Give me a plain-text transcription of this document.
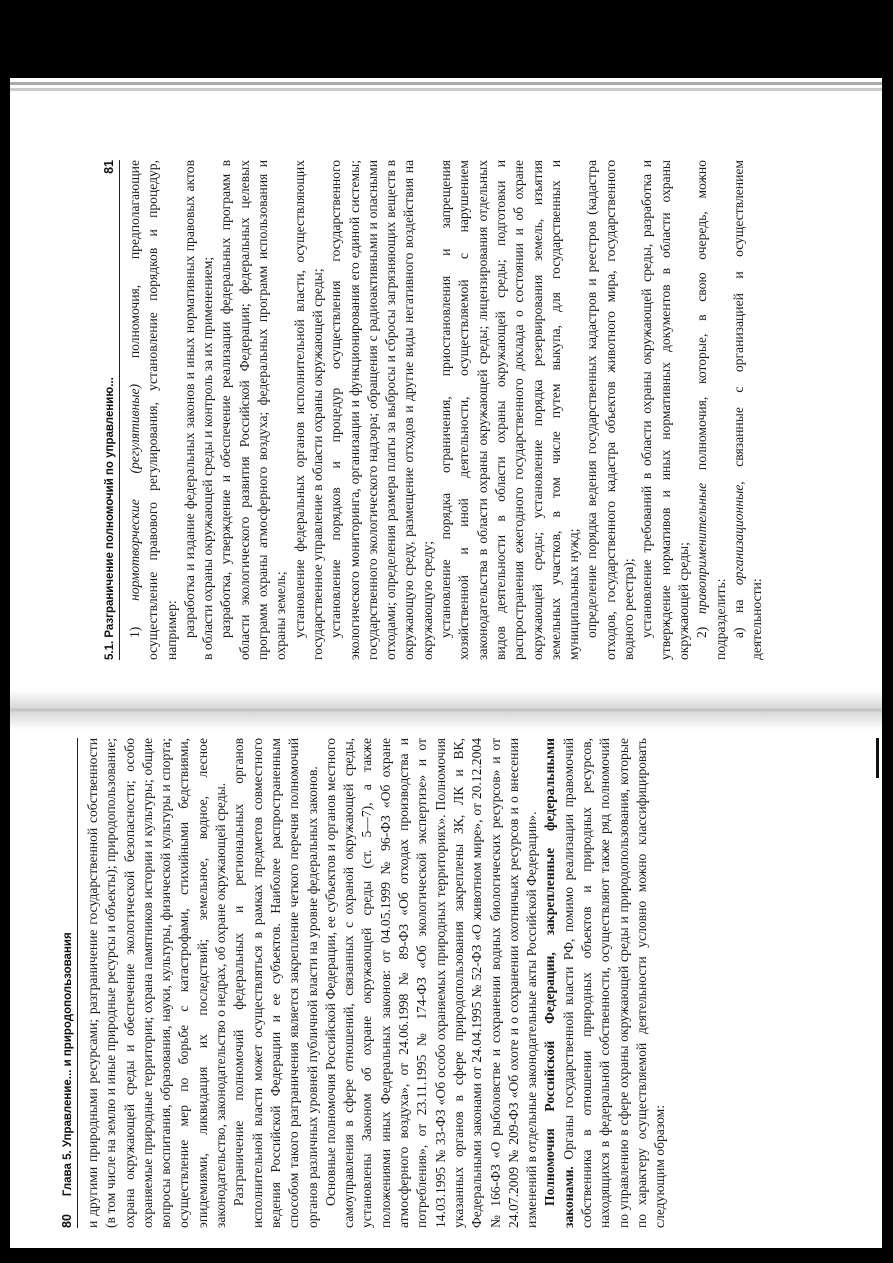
5.1. Разграничение полномочий по управлению...
81

1) нормотворческие (регулятивные) полномочия, предполагающие осуществление правового регулирования, установление порядков и процедур, например: разработка и издание федеральных законов и иных нормативных правовых актов в области охраны окружающей среды и контроль за их применением; разработка, утверждение и обеспечение реализации федеральных программ в области экологического развития Российской Федерации; федеральных целевых программ охраны атмосферного воздуха; федеральных программ использования и охраны земель; установление федеральных органов исполнительной власти, осуществляющих государственное управление в области охраны окружающей среды; установление порядков и процедур осуществления государственного экологического мониторинга, организации и функционирования его единой системы; государственного экологического надзора; обращения с радиоактивными и опасными отходами; определения размера платы за выбросы и сбросы загрязняющих веществ в окружающую среду, размещение отходов и другие виды негативного воздействия на окружающую среду; установление порядка ограничения, приостановления и запрещения хозяйственной и иной деятельности, осуществляемой с нарушением законодательства в области охраны окружающей среды; лицензирования отдельных видов деятельности в области охраны окружающей среды; подготовки и распространения ежегодного государственного доклада о состоянии и об охране окружающей среды; установление порядка резервирования земель, изъятия земельных участков, в том числе путем выкупа, для государственных и муниципальных нужд; определение порядка ведения государственных кадастров и реестров (кадастра отходов, государственного кадастра объектов животного мира, государственного водного реестра); установление требований в области охраны окружающей среды, разработка и утверждение нормативов и иных нормативных документов в области охраны окружающей среды; 2) правоприменительные полномочия, которые, в свою очередь, можно подразделить: а) на организационные, связанные с организацией и осуществлением деятельности:

80
Глава 5. Управление... и природопользования и другими природными ресурсами; разграничение государственной собственности (в том числе на землю и иные природные ресурсы и объекты); природопользование; охрана окружающей среды и обеспечение экологической безопасности; особо охраняемые природные территории; охрана памятников истории и культуры; общие вопросы воспитания, образования, науки, культуры, физической культуры и спорта; осуществление мер по борьбе с катастрофами, стихийными бедствиями, эпидемиями, ликвидация их последствий; земельное, водное, лесное законодательство, законодательство о недрах, об охране окружающей среды. Разграничение полномочий федеральных и региональных органов исполнительной власти может осуществляться в рамках предметов совместного ведения Российской Федерации и ее субъектов. Наиболее распространенным способом такого разграничения является закрепление четкого перечня полномочий органов различных уровней публичной власти на уровне федеральных законов. Основные полномочия Российской Федерации, ее субъектов и органов местного самоуправления в сфере отношений, связанных с охраной окружающей среды, установлены Законом об охране окружающей среды (ст. 5—7), а также положениями иных Федеральных законов: от 04.05.1999 № 96-ФЗ «Об охране атмосферного воздуха», от 24.06.1998 № 89-ФЗ «Об отходах производства и потребления», от 23.11.1995 № 174-ФЗ «Об экологической экспертизе» и от 14.03.1995 № 33-ФЗ «Об особо охраняемых природных территориях». Полномочия указанных органов в сфере природопользования закреплены ЗК, ЛК и ВК, Федеральными законами от 24.04.1995 № 52-ФЗ «О животном мире», от 20.12.2004 № 166-ФЗ «О рыболовстве и сохранении водных биологических ресурсов» и от 24.07.2009 № 209-ФЗ «Об охоте и о сохранении охотничьих ресурсов и о внесении изменений в отдельные законодательные акты Российской Федерации». Полномочия Российской Федерации, закрепленные федеральными законами. Органы государственной власти РФ, помимо реализации правомочий собственника в отношении природных объектов и природных ресурсов, находящихся в федеральной собственности, осуществляют также ряд полномочий по управлению в сфере охраны окружающей среды и природопользования, которые по характеру осуществляемой деятельности условно можно классифицировать следующим образом:
